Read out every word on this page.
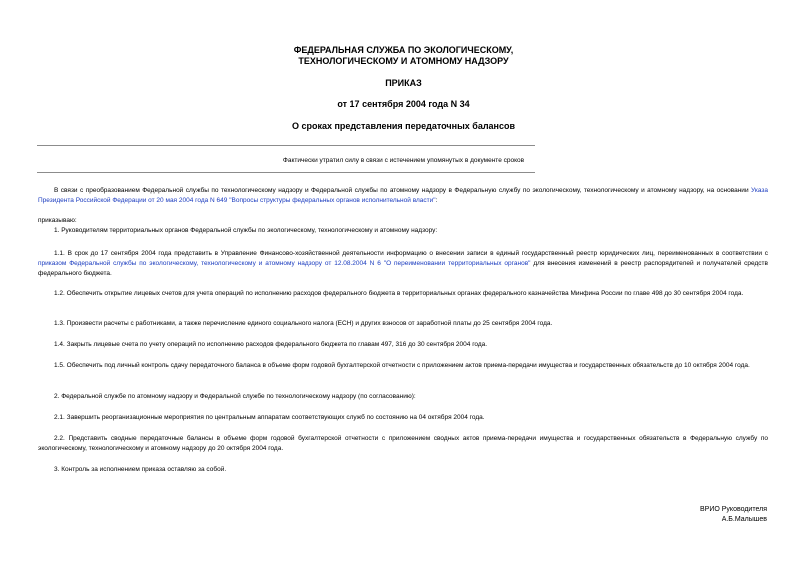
ФЕДЕРАЛЬНАЯ СЛУЖБА ПО ЭКОЛОГИЧЕСКОМУ,
ТЕХНОЛОГИЧЕСКОМУ И АТОМНОМУ НАДЗОРУ
ПРИКАЗ
от 17 сентября 2004 года N 34
О сроках представления передаточных балансов
Фактически утратил силу в связи с истечением упомянутых в документе сроков
В связи с преобразованием Федеральной службы по технологическому надзору и Федеральной службы по атомному надзору в Федеральную службу по экологическому, технологическому и атомному надзору, на основании Указа Президента Российской Федерации от 20 мая 2004 года N 649 "Вопросы структуры федеральных органов исполнительной власти":
приказываю:
1. Руководителям территориальных органов Федеральной службы по экологическому, технологическому и атомному надзору:
1.1. В срок до 17 сентября 2004 года представить в Управление Финансово-хозяйственной деятельности информацию о внесении записи в единый государственный реестр юридических лиц, переименованных в соответствии с приказом Федеральной службы по экологическому, технологическому и атомному надзору от 12.08.2004 N 6 "О переименовании территориальных органов" для внесения изменений в реестр распорядителей и получателей средств федерального бюджета.
1.2. Обеспечить открытие лицевых счетов для учета операций по исполнению расходов федерального бюджета в территориальных органах федерального казначейства Минфина России по главе 498 до 30 сентября 2004 года.
1.3. Произвести расчеты с работниками, а также перечисление единого социального налога (ЕСН) и других взносов от заработной платы до 25 сентября 2004 года.
1.4. Закрыть лицевые счета по учету операций по исполнению расходов федерального бюджета по главам 497, 316 до 30 сентября 2004 года.
1.5. Обеспечить под личный контроль сдачу передаточного баланса в объеме форм годовой бухгалтерской отчетности с приложением актов приема-передачи имущества и государственных обязательств до 10 октября 2004 года.
2. Федеральной службе по атомному надзору и Федеральной службе по технологическому надзору (по согласованию):
2.1. Завершить реорганизационные мероприятия по центральным аппаратам соответствующих служб по состоянию на 04 октября 2004 года.
2.2. Представить сводные передаточные балансы в объеме форм годовой бухгалтерской отчетности с приложением сводных актов приема-передачи имущества и государственных обязательств в Федеральную службу по экологическому, технологическому и атомному надзору до 20 октября 2004 года.
3. Контроль за исполнением приказа оставляю за собой.
ВРИО Руководителя
А.Б.Малышев
